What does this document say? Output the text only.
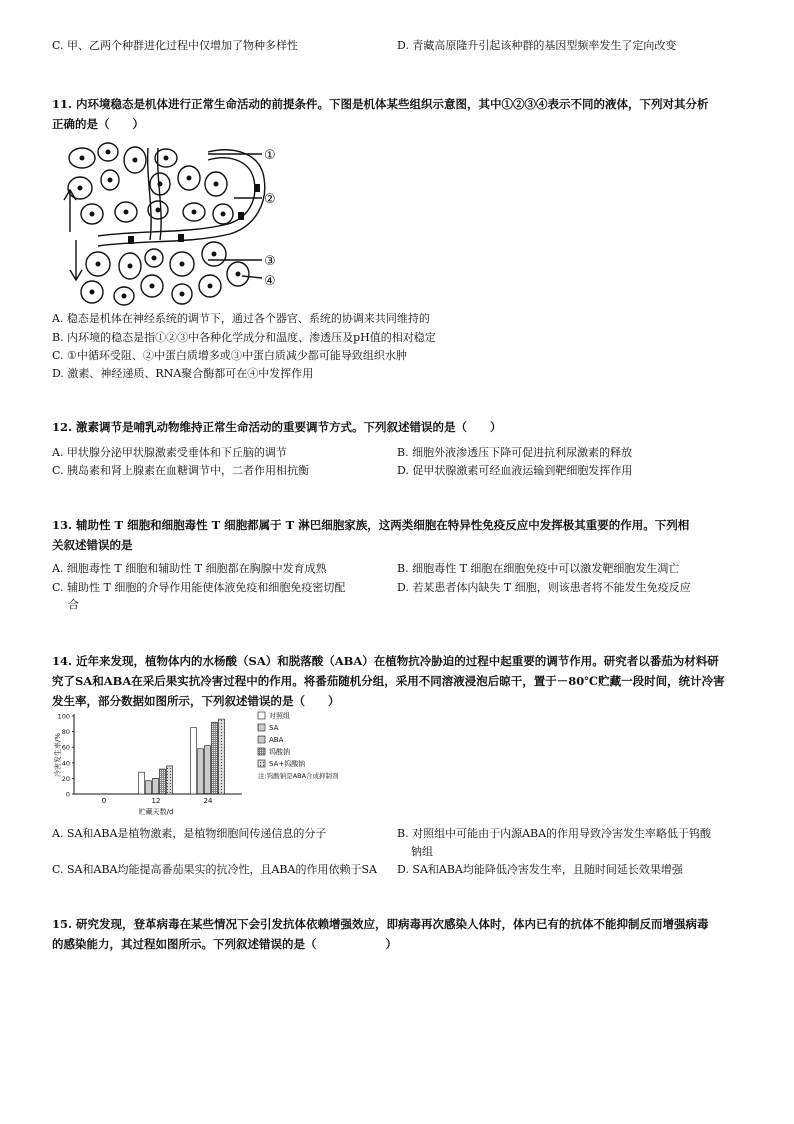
C. 甲、乙两个种群进化过程中仅增加了物种多样性	D. 青藏高原隆升引起该种群的基因型频率发生了定向改变
11. 内环境稳态是机体进行正常生命活动的前提条件。下图是机体某些组织示意图，其中①②③④表示不同的液体，下列对其分析
正确的是（　　）
①
②
③
④
A. 稳态是机体在神经系统的调节下，通过各个器官、系统的协调来共同维持的
B. 内环境的稳态是指①②③中各种化学成分和温度、渗透压及pH值的相对稳定
C. ①中循环受阻、②中蛋白质增多或③中蛋白质减少都可能导致组织水肿
D. 激素、神经递质、RNA聚合酶都可在④中发挥作用
12. 激素调节是哺乳动物维持正常生命活动的重要调节方式。下列叙述错误的是（　　）
A. 甲状腺分泌甲状腺激素受垂体和下丘脑的调节	B. 细胞外液渗透压下降可促进抗利尿激素的释放
C. 胰岛素和肾上腺素在血糖调节中，二者作用相抗衡	D. 促甲状腺激素可经血液运输到靶细胞发挥作用
13. 辅助性 T 细胞和细胞毒性 T 细胞都属于 T 淋巴细胞家族，这两类细胞在特异性免疫反应中发挥极其重要的作用。下列相
关叙述错误的是
A. 细胞毒性 T 细胞和辅助性 T 细胞都在胸腺中发育成熟	B. 细胞毒性 T 细胞在细胞免疫中可以激发靶细胞发生凋亡
C. 辅助性 T 细胞的介导作用能使体液免疫和细胞免疫密切配	D. 若某患者体内缺失 T 细胞，则该患者将不能发生免疫反应
合
14. 近年来发现，植物体内的水杨酸（SA）和脱落酸（ABA）在植物抗冷胁迫的过程中起重要的调节作用。研究者以番茄为材料研
究了SA和ABA在采后果实抗冷害过程中的作用。将番茄随机分组，采用不同溶液浸泡后晾干，置于－80℃贮藏一段时间，统计冷害
发生率，部分数据如图所示，下列叙述错误的是（　　）
0
20
40
60
80
100
冷害发生率/%
0	12	24
贮藏天数/d
对照组
SA
ABA
钨酸钠
SA+钨酸钠
注:钨酸钠是ABA合成抑制剂
A. SA和ABA是植物激素，是植物细胞间传递信息的分子	B. 对照组中可能由于内源ABA的作用导致冷害发生率略低于钨酸
钠组
C. SA和ABA均能提高番茄果实的抗冷性，且ABA的作用依赖于SA D. SA和ABA均能降低冷害发生率，且随时间延长效果增强
15. 研究发现，登革病毒在某些情况下会引发抗体依赖增强效应，即病毒再次感染人体时，体内已有的抗体不能抑制反而增强病毒
的感染能力，其过程如图所示。下列叙述错误的是（　　　　　　）
